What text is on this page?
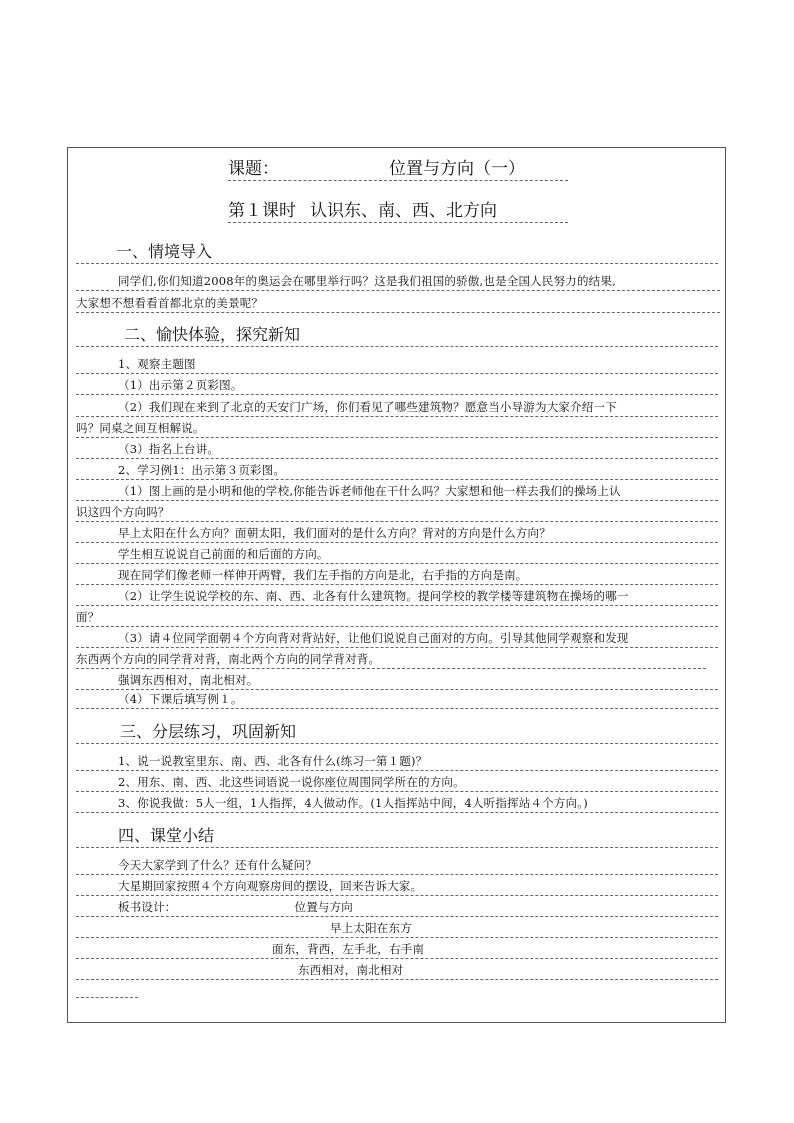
课题：	位置与方向（一）
第１课时 认识东、南、西、北方向
一、情境导入
同学们,你们知道2008年的奥运会在哪里举行吗？这是我们祖国的骄傲,也是全国人民努力的结果,
大家想不想看看首都北京的美景呢？
二、愉快体验，探究新知
1、观察主题图
（1）出示第２页彩图。
（2）我们现在来到了北京的天安门广场，你们看见了哪些建筑物？愿意当小导游为大家介绍一下
吗？同桌之间互相解说。
（3）指名上台讲。
2、学习例1：出示第３页彩图。
（1）图上画的是小明和他的学校,你能告诉老师他在干什么吗？大家想和他一样去我们的操场上认
识这四个方向吗？
早上太阳在什么方向？面朝太阳，我们面对的是什么方向？背对的方向是什么方向？
学生相互说说自己前面的和后面的方向。
现在同学们像老师一样伸开两臂，我们左手指的方向是北，右手指的方向是南。
（2）让学生说说学校的东、南、西、北各有什么建筑物。提问学校的教学楼等建筑物在操场的哪一
面？
（3）请４位同学面朝４个方向背对背站好，让他们说说自己面对的方向。引导其他同学观察和发现
东西两个方向的同学背对背，南北两个方向的同学背对背。
强调东西相对，南北相对。
（4）下课后填写例１。
三、分层练习，巩固新知
1、说一说教室里东、南、西、北各有什么(练习一第１题)？
2、用东、南、西、北这些词语说一说你座位周围同学所在的方向。
3、你说我做：5人一组，1人指挥，4人做动作。(1人指挥站中间，4人听指挥站４个方向。)
四、课堂小结
今天大家学到了什么？还有什么疑问？
大星期回家按照４个方向观察房间的摆设，回来告诉大家。
板书设计：	位置与方向
早上太阳在东方
面东，背西，左手北，右手南
东西相对，南北相对
